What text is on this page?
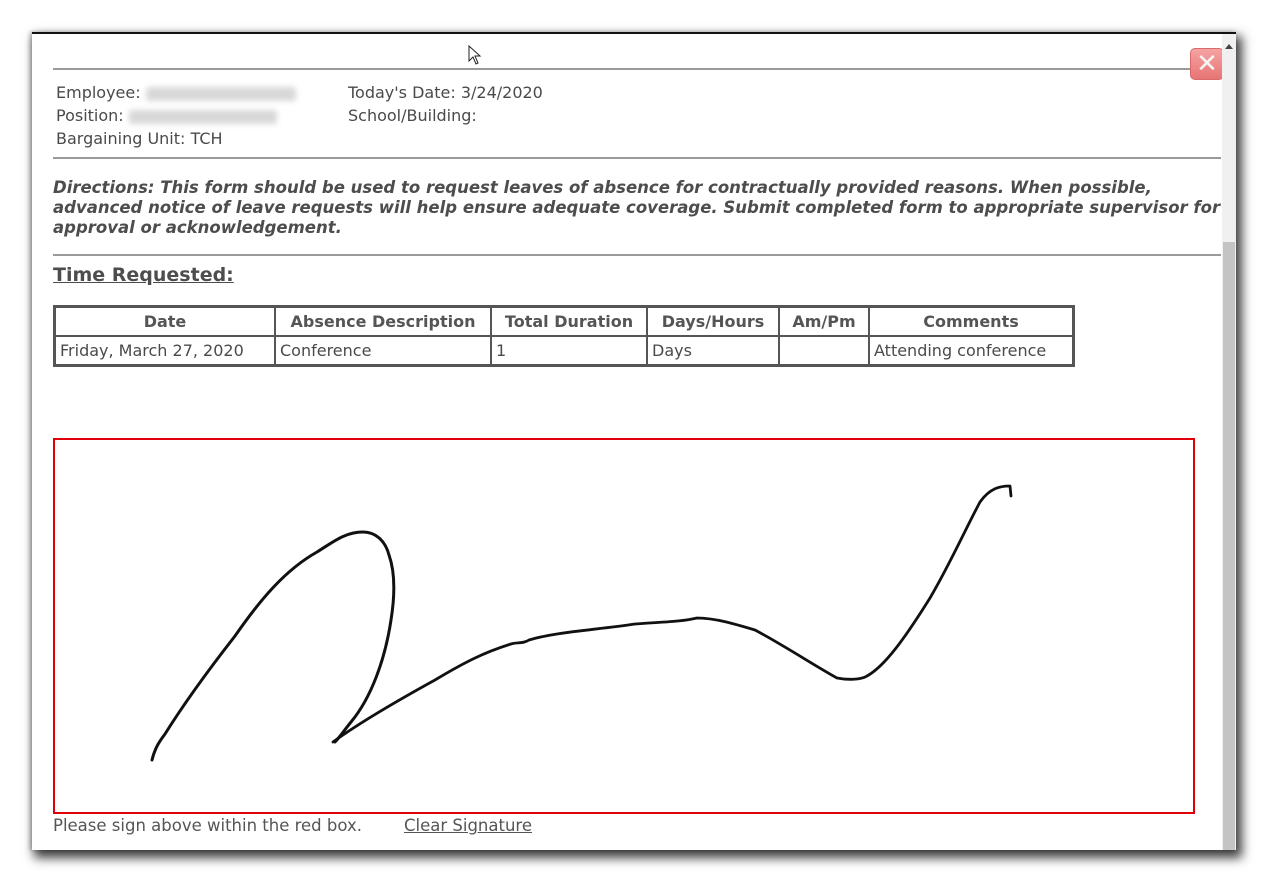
Employee:
Position:
Bargaining Unit: TCH
Today's Date: 3/24/2020
School/Building:
Directions: This form should be used to request leaves of absence for contractually provided reasons. When possible, advanced notice of leave requests will help ensure adequate coverage. Submit completed form to appropriate supervisor for approval or acknowledgement.
Time Requested:
Date	Absence Description	Total Duration	Days/Hours	Am/Pm	Comments
Friday, March 27, 2020	Conference	1	Days		Attending conference
Please sign above within the red box.	Clear Signature
✕
